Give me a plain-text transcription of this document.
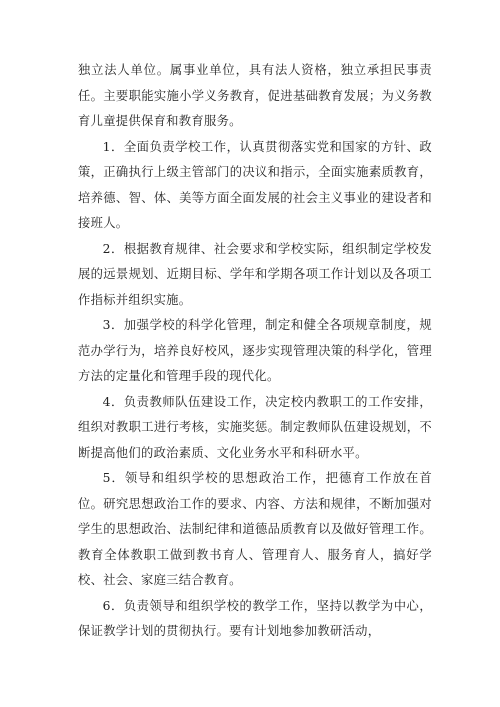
独立法人单位。属事业单位，具有法人资格，独立承担民事责任。主要职能实施小学义务教育，促进基础教育发展；为义务教育儿童提供保育和教育服务。

1．全面负责学校工作，认真贯彻落实党和国家的方针、政策，正确执行上级主管部门的决议和指示，全面实施素质教育，培养德、智、体、美等方面全面发展的社会主义事业的建设者和接班人。

2．根据教育规律、社会要求和学校实际，组织制定学校发展的远景规划、近期目标、学年和学期各项工作计划以及各项工作指标并组织实施。

3．加强学校的科学化管理，制定和健全各项规章制度，规范办学行为，培养良好校风，逐步实现管理决策的科学化，管理方法的定量化和管理手段的现代化。

4．负责教师队伍建设工作，决定校内教职工的工作安排，组织对教职工进行考核，实施奖惩。制定教师队伍建设规划，不断提高他们的政治素质、文化业务水平和科研水平。

5．领导和组织学校的思想政治工作，把德育工作放在首位。研究思想政治工作的要求、内容、方法和规律，不断加强对学生的思想政治、法制纪律和道德品质教育以及做好管理工作。教育全体教职工做到教书育人、管理育人、服务育人，搞好学校、社会、家庭三结合教育。

6．负责领导和组织学校的教学工作，坚持以教学为中心，保证教学计划的贯彻执行。要有计划地参加教研活动，
